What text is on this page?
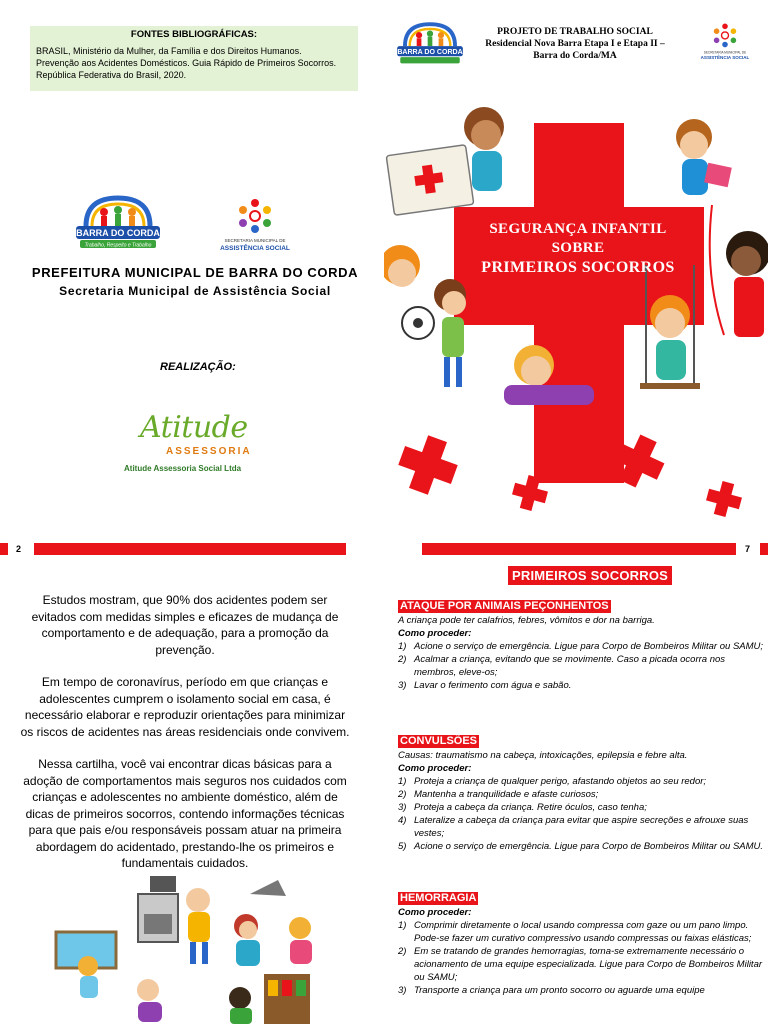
FONTES BIBLIOGRÁFICAS:
BRASIL, Ministério da Mulher, da Família e dos Direitos Humanos.
Prevenção aos Acidentes Domésticos. Guia Rápido de Primeiros Socorros.
República Federativa do Brasil, 2020.
BARRA DO CORDA
Trabalho, Respeito e Trabalho
SECRETARIA MUNICIPAL DE
ASSISTÊNCIA SOCIAL
PREFEITURA MUNICIPAL DE BARRA DO CORDA
Secretaria Municipal de Assistência Social
REALIZAÇÃO:
Atitude
ASSESSORIA
Atitude Assessoria Social Ltda
BARRA DO CORDA	SECRETARIA MUNICIPAL DE
ASSISTÊNCIA SOCIAL
PROJETO DE TRABALHO SOCIAL
Residencial Nova Barra Etapa I e Etapa II –
Barra do Corda/MA
SEGURANÇA INFANTIL
SOBRE
PRIMEIROS SOCORROS
2	7

Estudos mostram, que 90% dos acidentes podem ser evitados com medidas simples e eficazes de mudança de comportamento e de adequação, para a promoção da prevenção.

Em tempo de coronavírus, período em que crianças e adolescentes cumprem o isolamento social em casa, é necessário elaborar e reproduzir orientações para minimizar os riscos de acidentes nas áreas residenciais onde convivem.

Nessa cartilha, você vai encontrar dicas básicas para a adoção de comportamentos mais seguros nos cuidados com crianças e adolescentes no ambiente doméstico, além de dicas de primeiros socorros, contendo informações técnicas para que pais e/ou responsáveis possam atuar na primeira abordagem do acidentado, prestando-lhe os primeiros e fundamentais cuidados.

PRIMEIROS SOCORROS
ATAQUE POR ANIMAIS PEÇONHENTOS
A criança pode ter calafrios, febres, vômitos e dor na barriga.
Como proceder:
1) Acione o serviço de emergência. Ligue para Corpo de Bombeiros Militar ou SAMU;
2) Acalmar a criança, evitando que se movimente. Caso a picada ocorra nos membros, eleve-os;
3) Lavar o ferimento com água e sabão.
CONVULSÕES
Causas: traumatismo na cabeça, intoxicações, epilepsia e febre alta.
Como proceder:
1) Proteja a criança de qualquer perigo, afastando objetos ao seu redor;
2) Mantenha a tranquilidade e afaste curiosos;
3) Proteja a cabeça da criança. Retire óculos, caso tenha;
4) Lateralize a cabeça da criança para evitar que aspire secreções e afrouxe suas vestes;
5) Acione o serviço de emergência. Ligue para Corpo de Bombeiros Militar ou SAMU.
HEMORRAGIA
Como proceder:
1) Comprimir diretamente o local usando compressa com gaze ou um pano limpo. Pode-se fazer um curativo compressivo usando compressas ou faixas elásticas;
2) Em se tratando de grandes hemorragias, torna-se extremamente necessário o acionamento de uma equipe especializada. Ligue para Corpo de Bombeiros Militar ou SAMU;
3) Transporte a criança para um pronto socorro ou aguarde uma equipe
